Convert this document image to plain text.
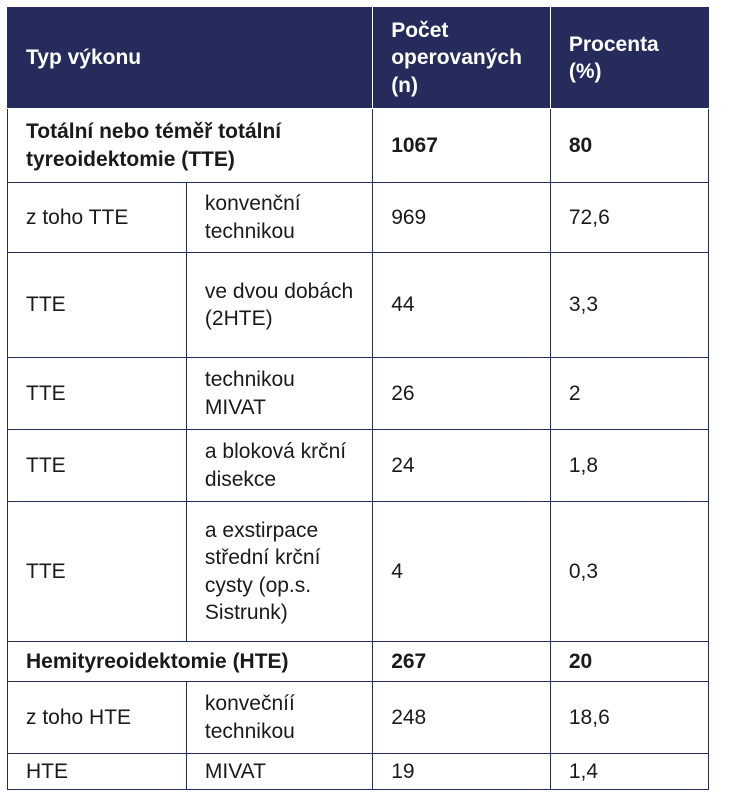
Typ výkonu		Počet operovaných (n)	Procenta (%)
Totální nebo téměř totální tyreoidektomie (TTE)		1067	80
z toho TTE	konvenční technikou	969	72,6
TTE	ve dvou dobách (2HTE)	44	3,3
TTE	technikou MIVAT	26	2
TTE	a bloková krční disekce	24	1,8
TTE	a exstirpace střední krční cysty (op.s. Sistrunk)	4	0,3
Hemityreoidektomie (HTE)		267	20
z toho HTE	konvečníí technikou	248	18,6
HTE	MIVAT	19	1,4
